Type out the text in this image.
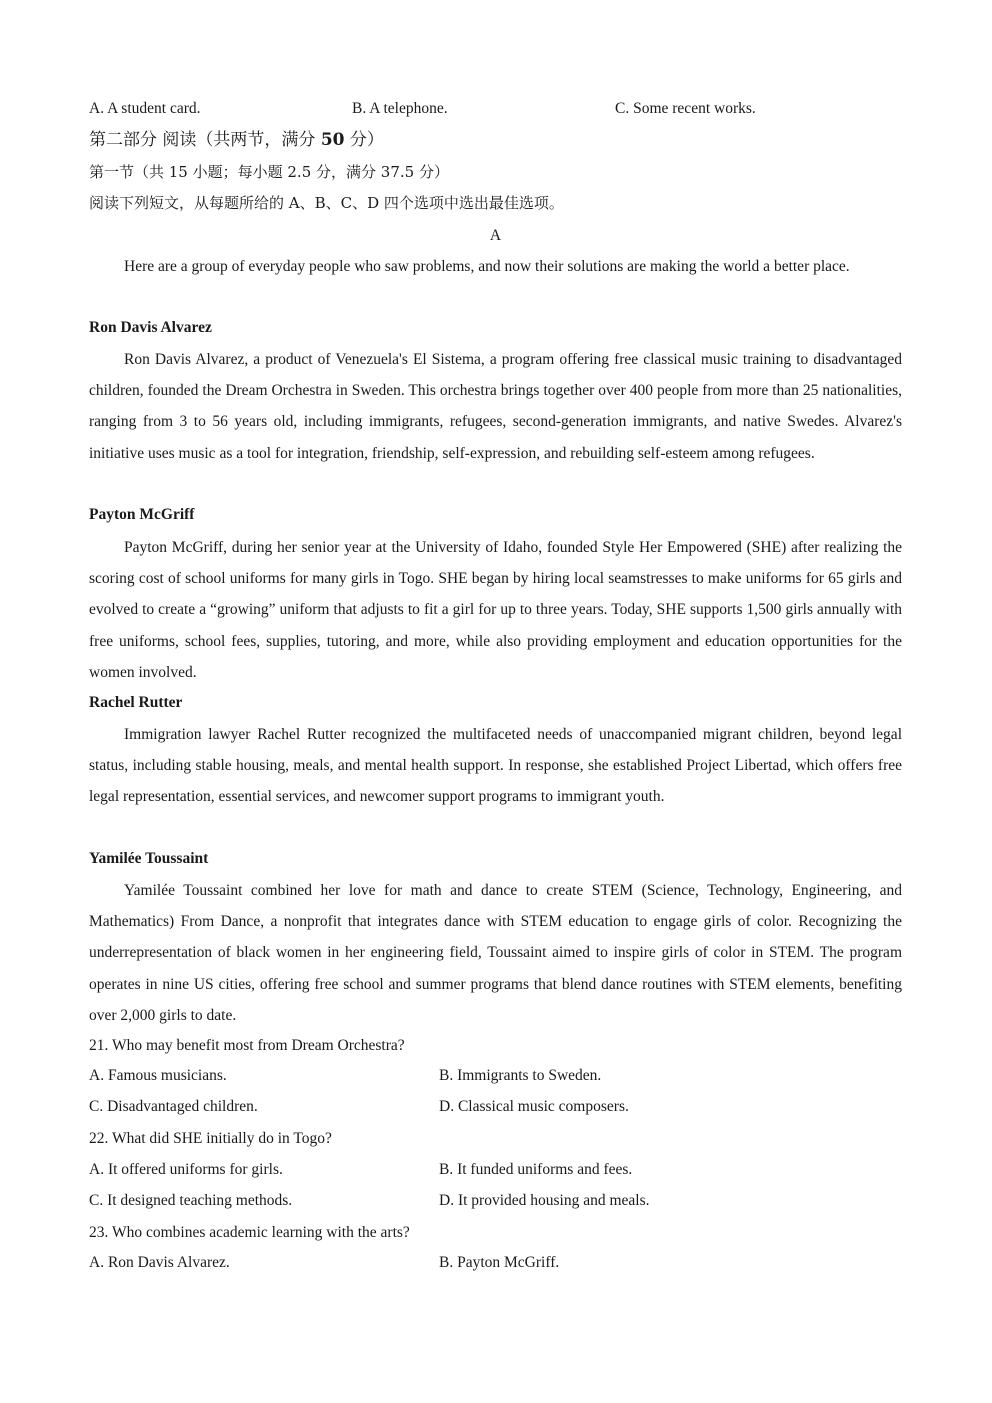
A. A student card.	B. A telephone.	C. Some recent works.
第二部分 阅读（共两节，满分 50 分）
第一节（共 15 小题；每小题 2.5 分，满分 37.5 分）
阅读下列短文，从每题所给的 A、B、C、D 四个选项中选出最佳选项。
A

Here are a group of everyday people who saw problems, and now their solutions are making the world a better place.

Ron Davis Alvarez

Ron Davis Alvarez, a product of Venezuela's El Sistema, a program offering free classical music training to disadvantaged children, founded the Dream Orchestra in Sweden. This orchestra brings together over 400 people from more than 25 nationalities, ranging from 3 to 56 years old, including immigrants, refugees, second-generation immigrants, and native Swedes. Alvarez's initiative uses music as a tool for integration, friendship, self-expression, and rebuilding self-esteem among refugees.

Payton McGriff

Payton McGriff, during her senior year at the University of Idaho, founded Style Her Empowered (SHE) after realizing the scoring cost of school uniforms for many girls in Togo. SHE began by hiring local seamstresses to make uniforms for 65 girls and evolved to create a “growing” uniform that adjusts to fit a girl for up to three years. Today, SHE supports 1,500 girls annually with free uniforms, school fees, supplies, tutoring, and more, while also providing employment and education opportunities for the women involved.

Rachel Rutter

Immigration lawyer Rachel Rutter recognized the multifaceted needs of unaccompanied migrant children, beyond legal status, including stable housing, meals, and mental health support. In response, she established Project Libertad, which offers free legal representation, essential services, and newcomer support programs to immigrant youth.

Yamilée Toussaint

Yamilée Toussaint combined her love for math and dance to create STEM (Science, Technology, Engineering, and Mathematics) From Dance, a nonprofit that integrates dance with STEM education to engage girls of color. Recognizing the underrepresentation of black women in her engineering field, Toussaint aimed to inspire girls of color in STEM. The program operates in nine US cities, offering free school and summer programs that blend dance routines with STEM elements, benefiting over 2,000 girls to date.

21. Who may benefit most from Dream Orchestra?
A. Famous musicians.	B. Immigrants to Sweden.
C. Disadvantaged children.	D. Classical music composers.
22. What did SHE initially do in Togo?
A. It offered uniforms for girls.	B. It funded uniforms and fees.
C. It designed teaching methods.	D. It provided housing and meals.
23. Who combines academic learning with the arts?
A. Ron Davis Alvarez.	B. Payton McGriff.
